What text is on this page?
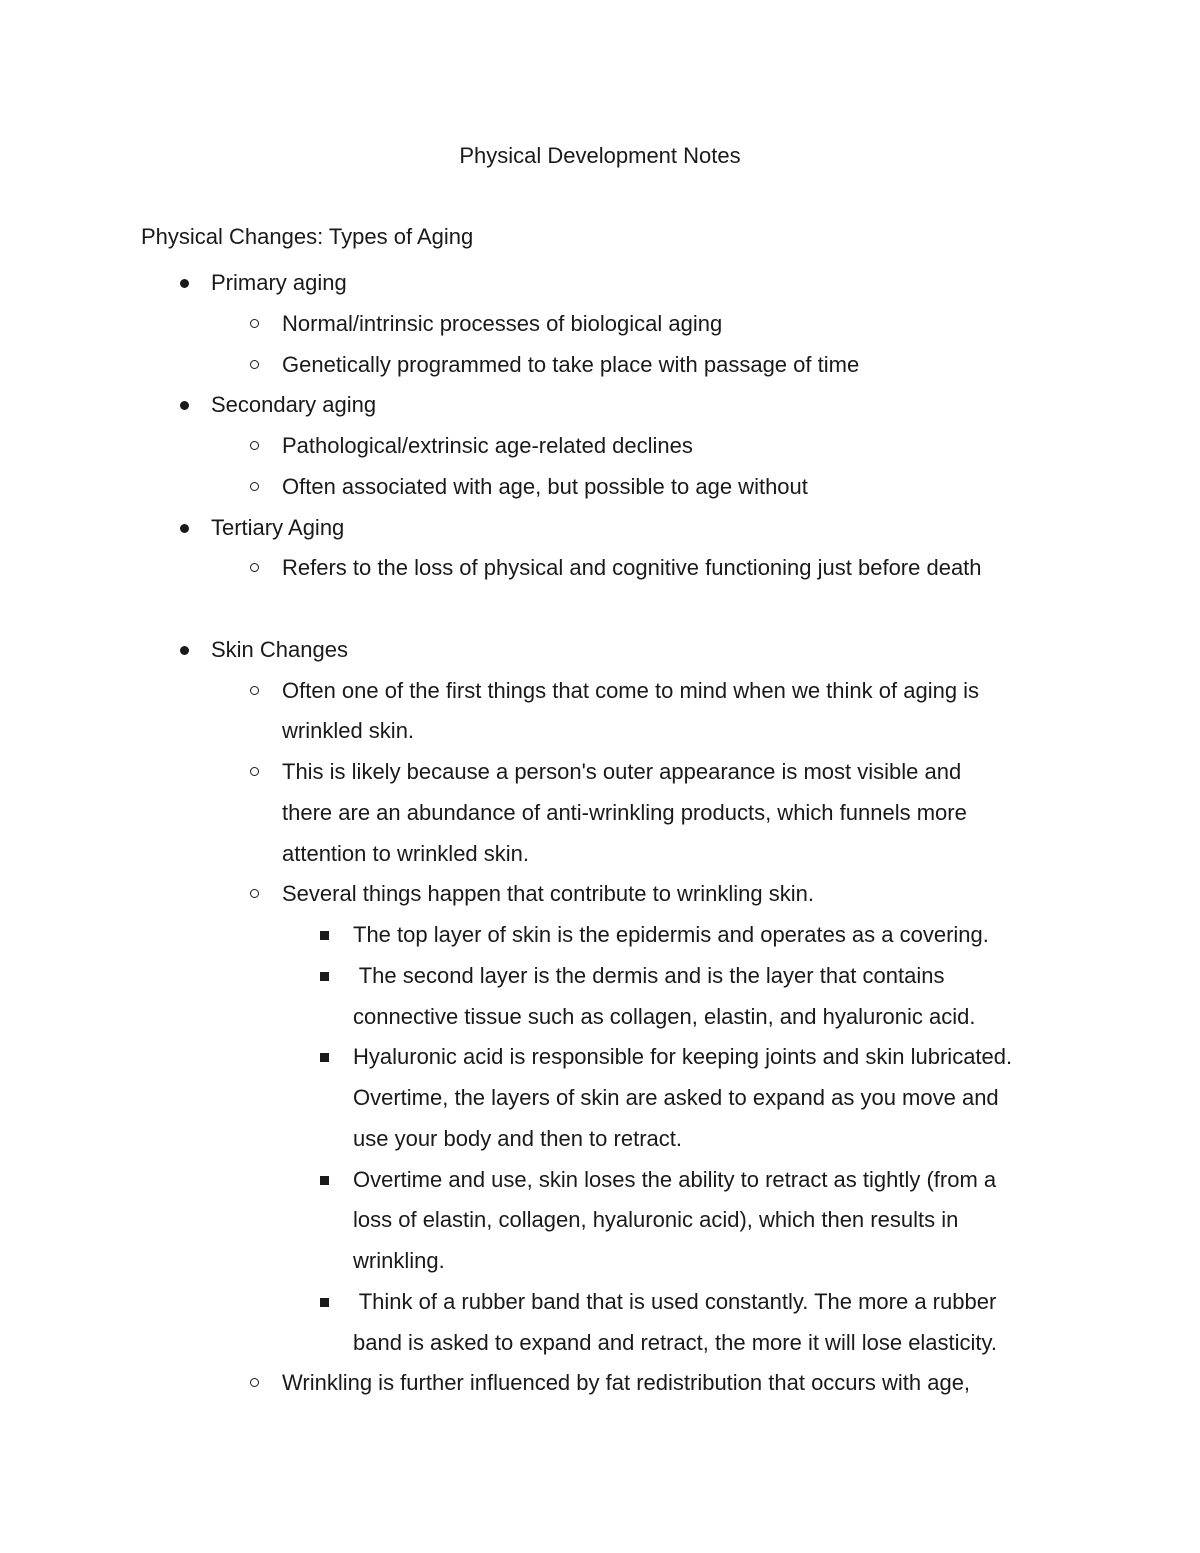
Physical Development Notes
Physical Changes: Types of Aging
Primary aging
Normal/intrinsic processes of biological aging
Genetically programmed to take place with passage of time
Secondary aging
Pathological/extrinsic age-related declines
Often associated with age, but possible to age without
Tertiary Aging
Refers to the loss of physical and cognitive functioning just before death
Skin Changes
Often one of the first things that come to mind when we think of aging is
wrinkled skin.
This is likely because a person's outer appearance is most visible and
there are an abundance of anti-wrinkling products, which funnels more
attention to wrinkled skin.
Several things happen that contribute to wrinkling skin.
The top layer of skin is the epidermis and operates as a covering.
The second layer is the dermis and is the layer that contains
connective tissue such as collagen, elastin, and hyaluronic acid.
Hyaluronic acid is responsible for keeping joints and skin lubricated.
Overtime, the layers of skin are asked to expand as you move and
use your body and then to retract.
Overtime and use, skin loses the ability to retract as tightly (from a
loss of elastin, collagen, hyaluronic acid), which then results in
wrinkling.
Think of a rubber band that is used constantly. The more a rubber
band is asked to expand and retract, the more it will lose elasticity.
Wrinkling is further influenced by fat redistribution that occurs with age,
